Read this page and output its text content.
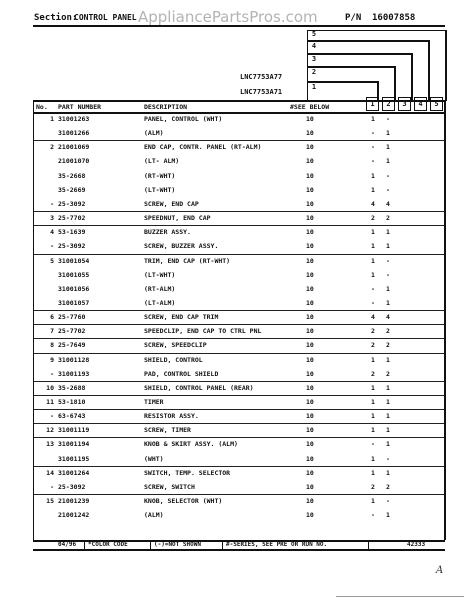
Section:
CONTROL PANEL AppliancePartsPros.com	P/N 16007858
5
4
3
2
1
LNC7753A77
LNC7753A71
No. PART NUMBER	DESCRIPTION	#SEE BELOW	1	2	3	4	5
1 31001263	PANEL, CONTROL (WHT)	10	1	-
31001266	(ALM)	10	-	1
2 21001069	END CAP, CONTR. PANEL (RT-ALM)	10	-	1
21001070	(LT- ALM)	10	-	1
35-2668	(RT-WHT)	10	1	-
35-2669	(LT-WHT)	10	1	-
- 25-3092	SCREW, END CAP	10	4	4
3 25-7702	SPEEDNUT, END CAP	10	2	2
4 53-1639	BUZZER ASSY.	10	1	1
- 25-3092	SCREW, BUZZER ASSY.	10	1	1
5 31001054	TRIM, END CAP (RT-WHT)	10	1	-
31001055	(LT-WHT)	10	1	-
31001056	(RT-ALM)	10	-	1
31001057	(LT-ALM)	10	-	1
6 25-7760	SCREW, END CAP TRIM	10	4	4
7 25-7702	SPEEDCLIP, END CAP TO CTRL PNL	10	2	2
8 25-7649	SCREW, SPEEDCLIP	10	2	2
9 31001128	SHIELD, CONTROL	10	1	1
- 31001193	PAD, CONTROL SHIELD	10	2	2
10 35-2688	SHIELD, CONTROL PANEL (REAR)	10	1	1
11 53-1810	TIMER	10	1	1
- 63-6743	RESISTOR ASSY.	10	1	1
12 31001119	SCREW, TIMER	10	1	1
13 31001194	KNOB & SKIRT ASSY. (ALM)	10	-	1
31001195	(WHT)	10	1	-
14 31001264	SWITCH, TEMP. SELECTOR	10	1	1
- 25-3092	SCREW, SWITCH	10	2	2
15 21001239	KNOB, SELECTOR (WHT)	10	1	-
21001242	(ALM)	10	-	1
04/96 *COLOR CODE	(-)=NOT SHOWN	#-SERIES, SEE PRE OR RUN NO.	42333
A
